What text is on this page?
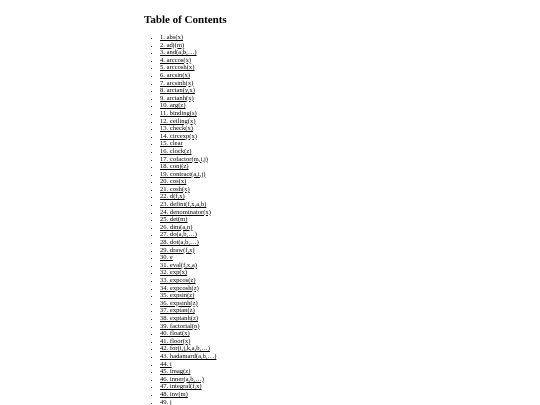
Table of Contents
• 1. abs(x)
• 2. adj(m)
• 3. and(a,b,…)
• 4. arccos(x)
• 5. arccosh(x)
• 6. arcsin(x)
• 7. arcsinh(x)
• 8. arctan(y,x)
• 9. arctanh(x)
• 10. arg(z)
• 11. binding(s)
• 12. ceiling(x)
• 13. check(x)
• 14. circexp(x)
• 15. clear
• 16. clock(z)
• 17. cofactor(m,i,j)
• 18. conj(z)
• 19. contract(a,i,j)
• 20. cos(x)
• 21. cosh(x)
• 22. d(f,x)
• 23. defint(f,x,a,b)
• 24. denominator(x)
• 25. det(m)
• 26. dim(a,n)
• 27. do(a,b,…)
• 28. dot(a,b,…)
• 29. draw(f,x)
• 30. e
• 31. eval(f,x,a)
• 32. exp(x)
• 33. expcos(z)
• 34. expcosh(z)
• 35. expsin(z)
• 36. expsinh(z)
• 37. exptan(z)
• 38. exptanh(z)
• 39. factorial(n)
• 40. float(x)
• 41. floor(x)
• 42. for(i,j,k,a,b,…)
• 43. hadamard(a,b,…)
• 44. i
• 45. imag(z)
• 46. inner(a,b,…)
• 47. integral(f,x)
• 48. inv(m)
• 49. j
